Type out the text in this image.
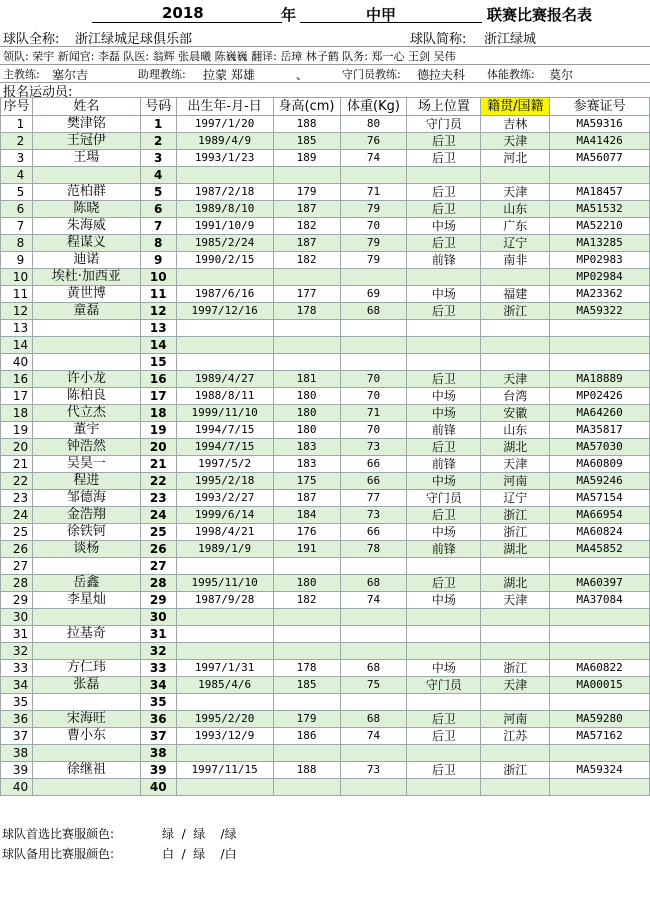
2018	年	中甲	联赛比赛报名表
球队全称: 浙江绿城足球俱乐部	球队简称: 浙江绿城
领队: 荣宇 新闻官: 李磊 队医: 翁辉 张晨曦 陈巍巍 翻译: 岳璋 林子鹤 队务: 郑一心 王剑 吴伟
主教练: 塞尔吉	助理教练: 拉蒙 郑雄	、	守门员教练: 德拉夫科 体能教练: 莫尔
报名运动员:
序号	姓名	号码	出生年-月-日	身高(cm)	体重(Kg)	场上位置	籍贯/国籍	参赛证号
1	樊津铭	1	1997/1/20	188	80	守门员	吉林	MA59316
2	王冠伊	2	1989/4/9	185	76	后卫	天津	MA41426
3	王瑒	3	1993/1/23	189	74	后卫	河北	MA56077
4		4						
5	范柏群	5	1987/2/18	179	71	后卫	天津	MA18457
6	陈晓	6	1989/8/10	187	79	后卫	山东	MA51532
7	朱海威	7	1991/10/9	182	70	中场	广东	MA52210
8	程谋义	8	1985/2/24	187	79	后卫	辽宁	MA13285
9	迪诺	9	1990/2/15	182	79	前锋	南非	MP02983
10	埃杜·加西亚	10						MP02984
11	黄世博	11	1987/6/16	177	69	中场	福建	MA23362
12	童磊	12	1997/12/16	178	68	后卫	浙江	MA59322
13		13						
14		14						
40		15						
16	许小龙	16	1989/4/27	181	70	后卫	天津	MA18889
17	陈柏良	17	1988/8/11	180	70	中场	台湾	MP02426
18	代立杰	18	1999/11/10	180	71	中场	安徽	MA64260
19	董宇	19	1994/7/15	180	70	前锋	山东	MA35817
20	钟浩然	20	1994/7/15	183	73	后卫	湖北	MA57030
21	吴昊一	21	1997/5/2	183	66	前锋	天津	MA60809
22	程进	22	1995/2/18	175	66	中场	河南	MA59246
23	邹德海	23	1993/2/27	187	77	守门员	辽宁	MA57154
24	金浩翔	24	1999/6/14	184	73	后卫	浙江	MA66954
25	徐铁钶	25	1998/4/21	176	66	中场	浙江	MA60824
26	谈杨	26	1989/1/9	191	78	前锋	湖北	MA45852
27		27						
28	岳鑫	28	1995/11/10	180	68	后卫	湖北	MA60397
29	李星灿	29	1987/9/28	182	74	中场	天津	MA37084
30		30						
31	拉基奇	31						
32		32						
33	方仁玮	33	1997/1/31	178	68	中场	浙江	MA60822
34	张磊	34	1985/4/6	185	75	守门员	天津	MA00015
35		35						
36	宋海旺	36	1995/2/20	179	68	后卫	河南	MA59280
37	曹小东	37	1993/12/9	186	74	后卫	江苏	MA57162
38		38						
39	徐继祖	39	1997/11/15	188	73	后卫	浙江	MA59324
40		40						
球队首选比赛服颜色:	绿  /  绿    /绿
球队备用比赛服颜色:	白  /  绿    /白
